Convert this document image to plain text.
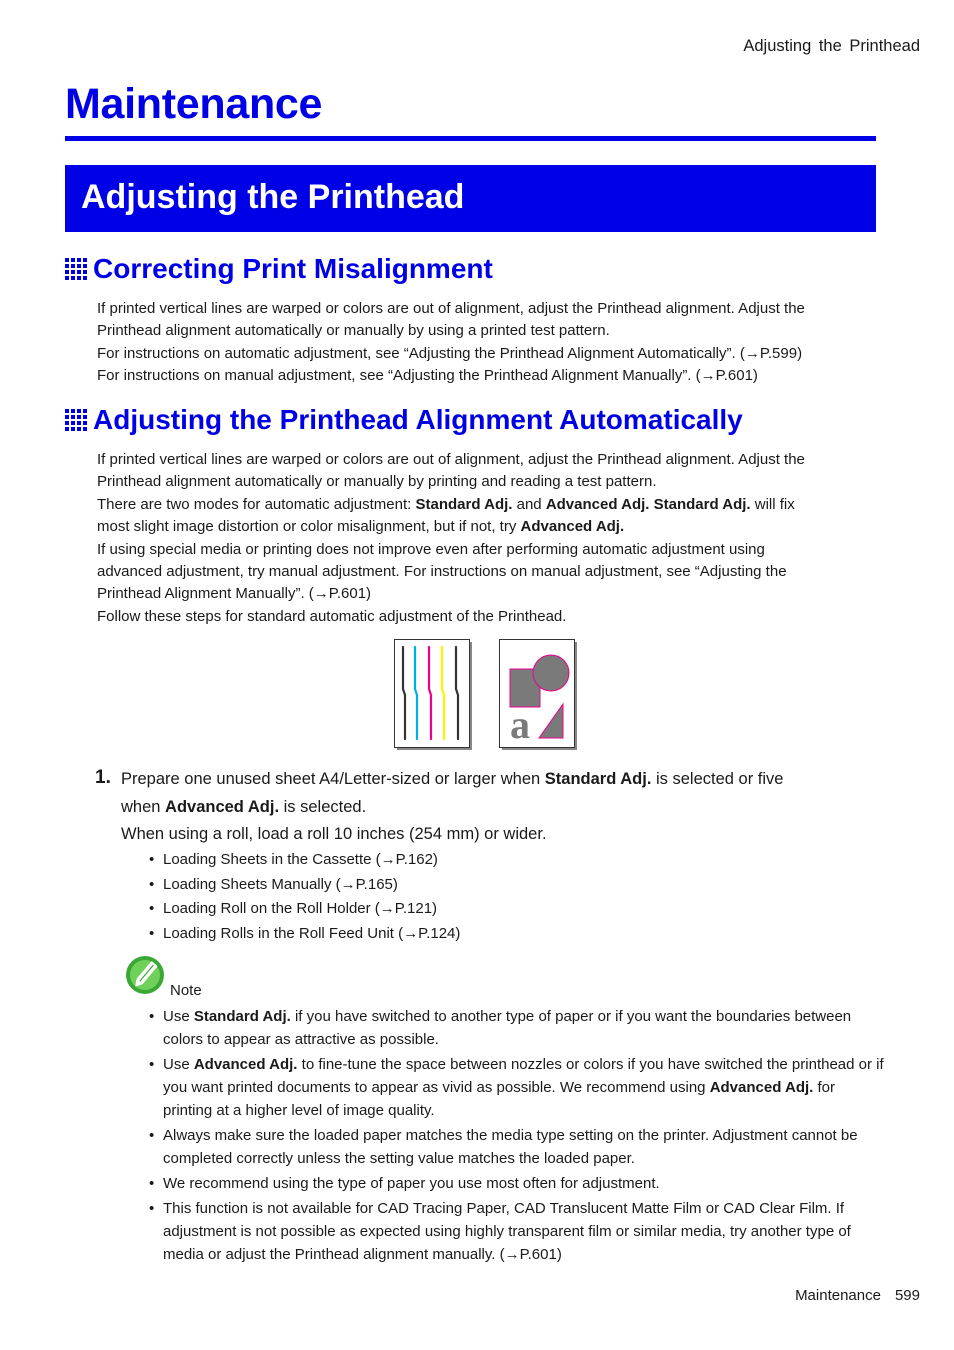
Adjusting the Printhead
Maintenance
Adjusting the Printhead
Correcting Print Misalignment

If printed vertical lines are warped or colors are out of alignment, adjust the Printhead alignment. Adjust the

Printhead alignment automatically or manually by using a printed test pattern.

For instructions on automatic adjustment, see “Adjusting the Printhead Alignment Automatically”. (→P.599)

For instructions on manual adjustment, see “Adjusting the Printhead Alignment Manually”. (→P.601)

Adjusting the Printhead Alignment Automatically

If printed vertical lines are warped or colors are out of alignment, adjust the Printhead alignment. Adjust the

Printhead alignment automatically or manually by printing and reading a test pattern.

There are two modes for automatic adjustment: Standard Adj. and Advanced Adj. Standard Adj. will fix

most slight image distortion or color misalignment, but if not, try Advanced Adj.

If using special media or printing does not improve even after performing automatic adjustment using

advanced adjustment, try manual adjustment. For instructions on manual adjustment, see “Adjusting the

Printhead Alignment Manually”. (→P.601)

Follow these steps for standard automatic adjustment of the Printhead.

a
1. Prepare one unused sheet A4/Letter-sized or larger when Standard Adj. is selected or five

when Advanced Adj. is selected.

When using a roll, load a roll 10 inches (254 mm) or wider.

• Loading Sheets in the Cassette (→P.162)
• Loading Sheets Manually (→P.165)
• Loading Roll on the Roll Holder (→P.121)
• Loading Rolls in the Roll Feed Unit (→P.124)
Note
• Use Standard Adj. if you have switched to another type of paper or if you want the boundaries between colors to appear as attractive as possible.
• Use Advanced Adj. to fine-tune the space between nozzles or colors if you have switched the printhead or if you want printed documents to appear as vivid as possible. We recommend using Advanced Adj. for printing at a higher level of image quality.
• Always make sure the loaded paper matches the media type setting on the printer. Adjustment cannot be completed correctly unless the setting value matches the loaded paper.
• We recommend using the type of paper you use most often for adjustment.
• This function is not available for CAD Tracing Paper, CAD Translucent Matte Film or CAD Clear Film. If adjustment is not possible as expected using highly transparent film or similar media, try another type of media or adjust the Printhead alignment manually. (→P.601)
Maintenance 599
